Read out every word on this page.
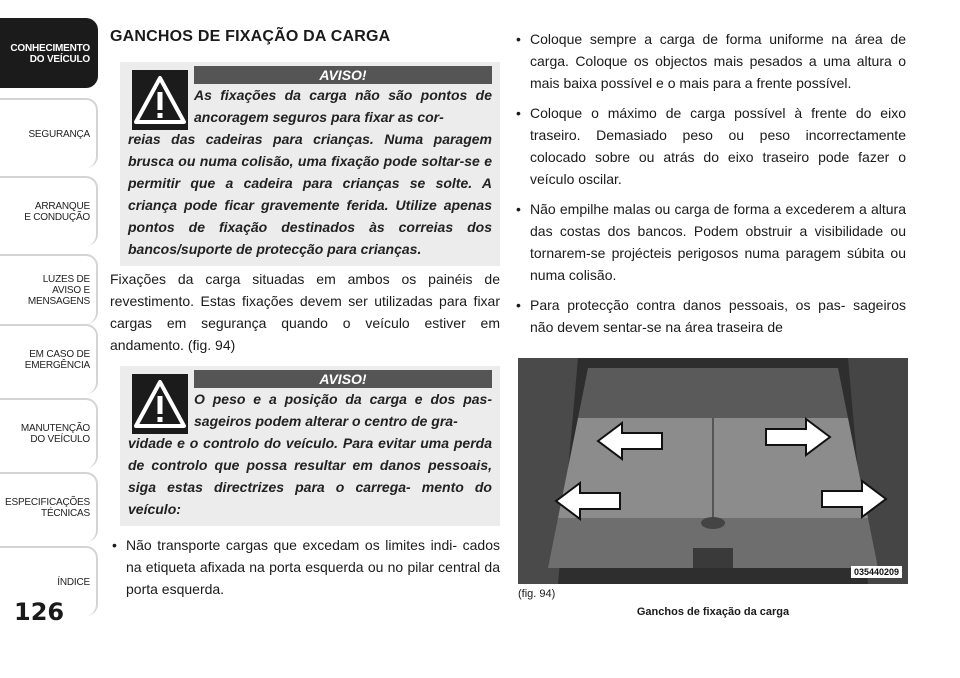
CONHECIMENTO
DO VEÍCULO
SEGURANÇA
ARRANQUE
E CONDUÇÃO
LUZES DE
AVISO E
MENSAGENS
EM CASO DE
EMERGÊNCIA
MANUTENÇÃO
DO VEÍCULO
ESPECIFICAÇÕES
TÉCNICAS
ÍNDICE
126
GANCHOS DE FIXAÇÃO DA CARGA
AVISO!
As fixações da carga não são pontos de ancoragem seguros para fixar as cor-
reias das cadeiras para crianças. Numa paragem brusca ou numa colisão, uma fixação pode soltar-se e permitir que a cadeira para crianças se solte. A criança pode ficar gravemente ferida. Utilize apenas pontos de fixação destinados às correias dos bancos/suporte de protecção para crianças.

Fixações da carga situadas em ambos os painéis de revestimento. Estas fixações devem ser utilizadas para fixar cargas em segurança quando o veículo estiver em andamento. (fig. 94)

AVISO!
O peso e a posição da carga e dos pas- sageiros podem alterar o centro de gra-
vidade e o controlo do veículo. Para evitar uma perda de controlo que possa resultar em danos pessoais, siga estas directrizes para o carrega- mento do veículo:
• Não transporte cargas que excedam os limites indi- cados na etiqueta afixada na porta esquerda ou no pilar central da porta esquerda.
• Coloque sempre a carga de forma uniforme na área de carga. Coloque os objectos mais pesados a uma altura o mais baixa possível e o mais para a frente possível.
• Coloque o máximo de carga possível à frente do eixo traseiro. Demasiado peso ou peso incorrectamente colocado sobre ou atrás do eixo traseiro pode fazer o veículo oscilar.
• Não empilhe malas ou carga de forma a excederem a altura das costas dos bancos. Podem obstruir a visibilidade ou tornarem-se projécteis perigosos numa paragem súbita ou numa colisão.
• Para protecção contra danos pessoais, os pas- sageiros não devem sentar-se na área traseira de
035440209
(fig. 94)
Ganchos de fixação da carga
